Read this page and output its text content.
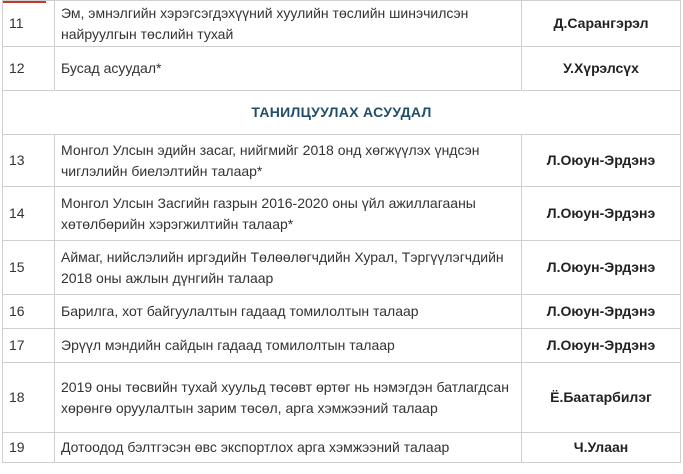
11	Эм, эмнэлгийн хэрэгсэгдэхүүний хуулийн төслийн шинэчилсэн найруулгын төслийн тухай	Д.Сарангэрэл
12	Бусад асуудал*	У.Хүрэлсүх
ТАНИЛЦУУЛАХ АСУУДАЛ		
13	Монгол Улсын эдийн засаг, нийгмийг 2018 онд хөгжүүлэх үндсэн чиглэлийн биелэлтийн талаар*	Л.Оюун-Эрдэнэ
14	Монгол Улсын Засгийн газрын 2016-2020 оны үйл ажиллагааны хөтөлбөрийн хэрэгжилтийн талаар*	Л.Оюун-Эрдэнэ
15	Аймаг, нийслэлийн иргэдийн Төлөөлөгчдийн Хурал, Тэргүүлэгчдийн 2018 оны ажлын дүнгийн талаар	Л.Оюун-Эрдэнэ
16	Барилга, хот байгуулалтын гадаад томилолтын талаар	Л.Оюун-Эрдэнэ
17	Эрүүл мэндийн сайдын гадаад томилолтын талаар	Л.Оюун-Эрдэнэ
18	2019 оны төсвийн тухай хуульд төсөвт өртөг нь нэмэгдэн батлагдсан хөрөнгө оруулалтын зарим төсөл, арга хэмжээний талаар	Ё.Баатарбилэг
19	Дотоодод бэлтгэсэн өвс экспортлох арга хэмжээний талаар	Ч.Улаан
